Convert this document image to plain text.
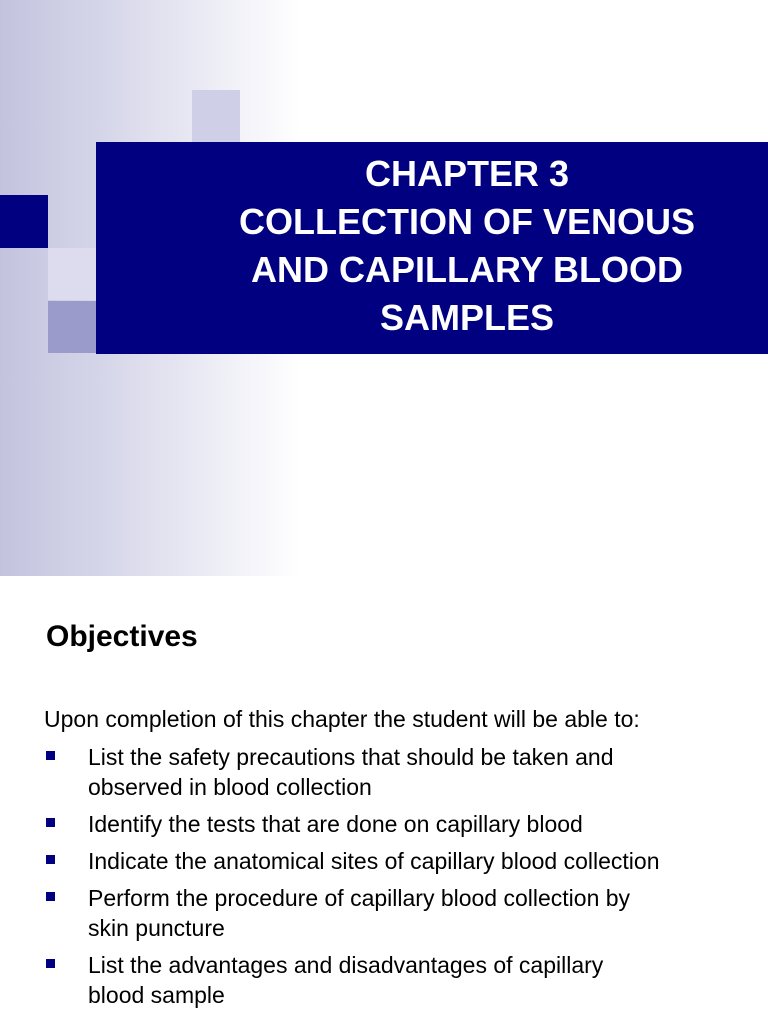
CHAPTER 3
COLLECTION OF VENOUS
AND CAPILLARY BLOOD
SAMPLES
Objectives
Upon completion of this chapter the student will be able to:
List the safety precautions that should be taken and
observed in blood collection
Identify the tests that are done on capillary blood
Indicate the anatomical sites of capillary blood collection
Perform the procedure of capillary blood collection by
skin puncture
List the advantages and disadvantages of capillary
blood sample
